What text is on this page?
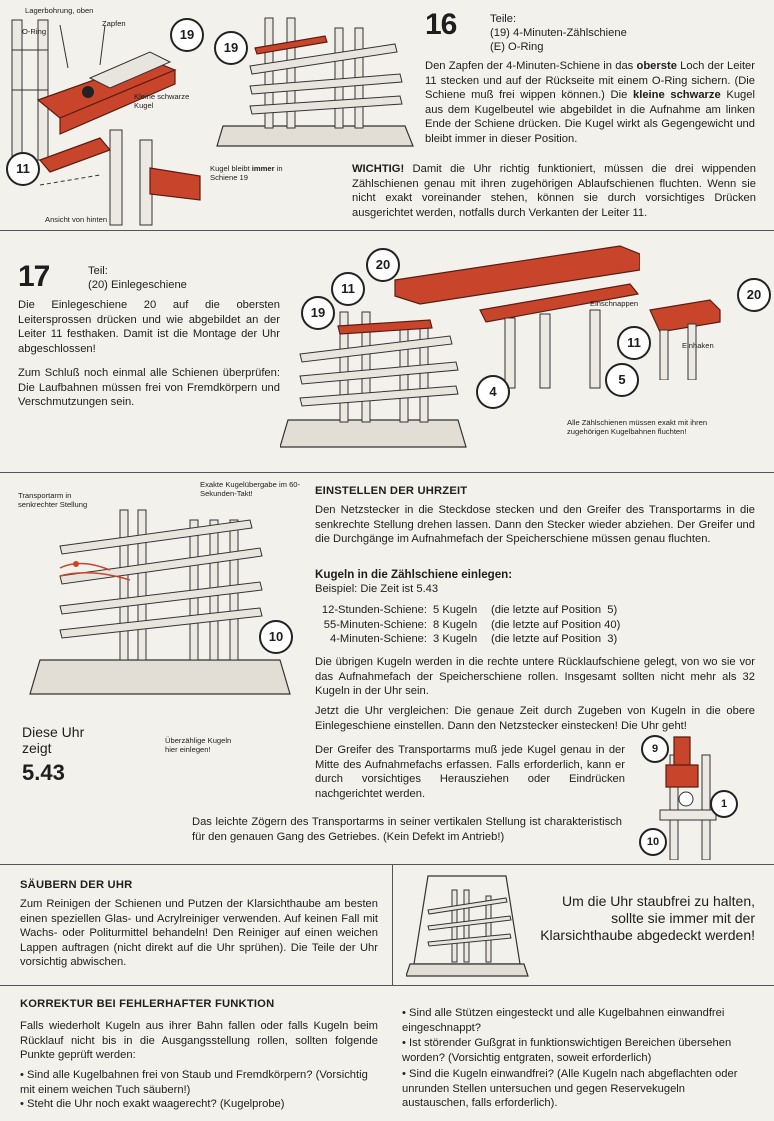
Lagerbohrung, oben
Zapfen
O-Ring
Kleine schwarze Kugel
Kugel bleibt immer in Schiene 19
Ansicht von hinten
19
11
19
16	Teile:
(19) 4-Minuten-Zählschiene
(E) O-Ring
Den Zapfen der 4-Minuten-Schiene in das oberste Loch der Leiter 11 stecken und auf der Rückseite mit einem O-Ring sichern. (Die Schiene muß frei wippen können.) Die kleine schwarze Kugel aus dem Kugelbeutel wie abgebildet in die Aufnahme am linken Ende der Schiene drücken. Die Kugel wirkt als Gegengewicht und bleibt immer in dieser Position.
WICHTIG! Damit die Uhr richtig funktioniert, müssen die drei wippenden Zählschienen genau mit ihren zugehörigen Ablaufschienen fluchten. Wenn sie nicht exakt voreinander stehen, können sie durch vorsichtiges Drücken ausgerichtet werden, notfalls durch Verkanten der Leiter 11.
17	Teil:
(20) Einlegeschiene
Die Einlegeschiene 20 auf die obersten Leitersprossen drücken und wie abgebildet an der Leiter 11 festhaken. Damit ist die Montage der Uhr abgeschlossen!
Zum Schluß noch einmal alle Schienen überprüfen: Die Laufbahnen müssen frei von Fremdkörpern und Verschmutzungen sein.
20
11
19
4
5
11
20
Einschnappen
Einhaken
Alle Zählschienen müssen exakt mit ihren zugehörigen Kugelbahnen fluchten!
10
Transportarm in senkrechter Stellung
Exakte Kugelübergabe im 60-Sekunden-Takt!
Überzählige Kugeln hier einlegen!
Diese Uhr zeigt
5.43
EINSTELLEN DER UHRZEIT
Den Netzstecker in die Steckdose stecken und den Greifer des Transportarms in die senkrechte Stellung drehen lassen. Dann den Stecker wieder abziehen. Der Greifer und die Durchgänge im Aufnahmefach der Speicherschiene müssen genau fluchten.
Kugeln in die Zählschiene einlegen:
Beispiel: Die Zeit ist 5.43
12-Stunden-Schiene:	5 Kugeln	(die letzte auf Position  5)
55-Minuten-Schiene:	8 Kugeln	(die letzte auf Position 40)
4-Minuten-Schiene:	3 Kugeln	(die letzte auf Position  3)
Die übrigen Kugeln werden in die rechte untere Rücklaufschiene gelegt, von wo sie vor das Aufnahmefach der Speicherschiene rollen. Insgesamt sollten nicht mehr als 32 Kugeln in der Uhr sein.
Jetzt die Uhr vergleichen: Die genaue Zeit durch Zugeben von Kugeln in die obere Einlegeschiene einstellen. Dann den Netzstecker einstecken! Die Uhr geht!
Der Greifer des Transportarms muß jede Kugel genau in der Mitte des Aufnahmefachs erfassen. Falls erforderlich, kann er durch vorsichtiges Herausziehen oder Eindrücken nachgerichtet werden.
Das leichte Zögern des Transportarms in seiner vertikalen Stellung ist charakteristisch für den genauen Gang des Getriebes. (Kein Defekt im Antrieb!)
9
1
10
SÄUBERN DER UHR
Zum Reinigen der Schienen und Putzen der Klarsichthaube am besten einen speziellen Glas- und Acrylreiniger verwenden. Auf keinen Fall mit Wachs- oder Politurmittel behandeln! Den Reiniger auf einen weichen Lappen auftragen (nicht direkt auf die Uhr sprühen). Die Teile der Uhr vorsichtig abwischen.
Um die Uhr staubfrei zu halten, sollte sie immer mit der Klarsichthaube abgedeckt werden!
KORREKTUR BEI FEHLERHAFTER FUNKTION
Falls wiederholt Kugeln aus ihrer Bahn fallen oder falls Kugeln beim Rücklauf nicht bis in die Ausgangsstellung rollen, sollten folgende Punkte geprüft werden:
• Sind alle Kugelbahnen frei von Staub und Fremdkörpern? (Vorsichtig mit einem weichen Tuch säubern!)
• Steht die Uhr noch exakt waagerecht? (Kugelprobe)
• Sind alle Stützen eingesteckt und alle Kugelbahnen einwandfrei eingeschnappt?
• Ist störender Gußgrat in funktionswichtigen Bereichen übersehen worden? (Vorsichtig entgraten, soweit erforderlich)
• Sind die Kugeln einwandfrei? (Alle Kugeln nach abgeflachten oder unrunden Stellen untersuchen und gegen Reservekugeln austauschen, falls erforderlich).
